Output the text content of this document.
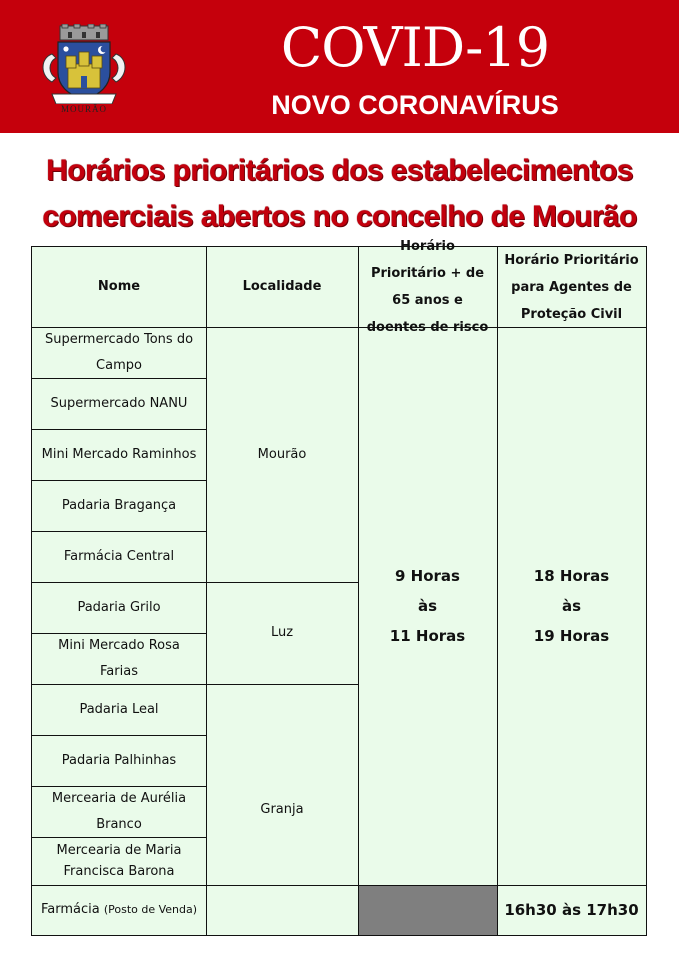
MOURÃO
COVID-19
NOVO CORONAVÍRUS
Horários prioritários dos estabelecimentos
comerciais abertos no concelho de Mourão
Nome	Localidade
Horário Prioritário + de 65 anos e doentes de risco
Horário Prioritário para Agentes de Proteção Civil
Supermercado Tons do Campo
Supermercado NANU
Mini Mercado Raminhos
Padaria Bragança
Farmácia Central
Padaria Grilo
Mini Mercado Rosa Farias
Padaria Leal
Padaria Palhinhas
Mercearia de Aurélia Branco
Mercearia de Maria Francisca Barona
Farmácia
(Posto de Venda)
Mourão
Luz
Granja
9 Horas
às
11 Horas
18 Horas
às
19 Horas
16h30 às 17h30
